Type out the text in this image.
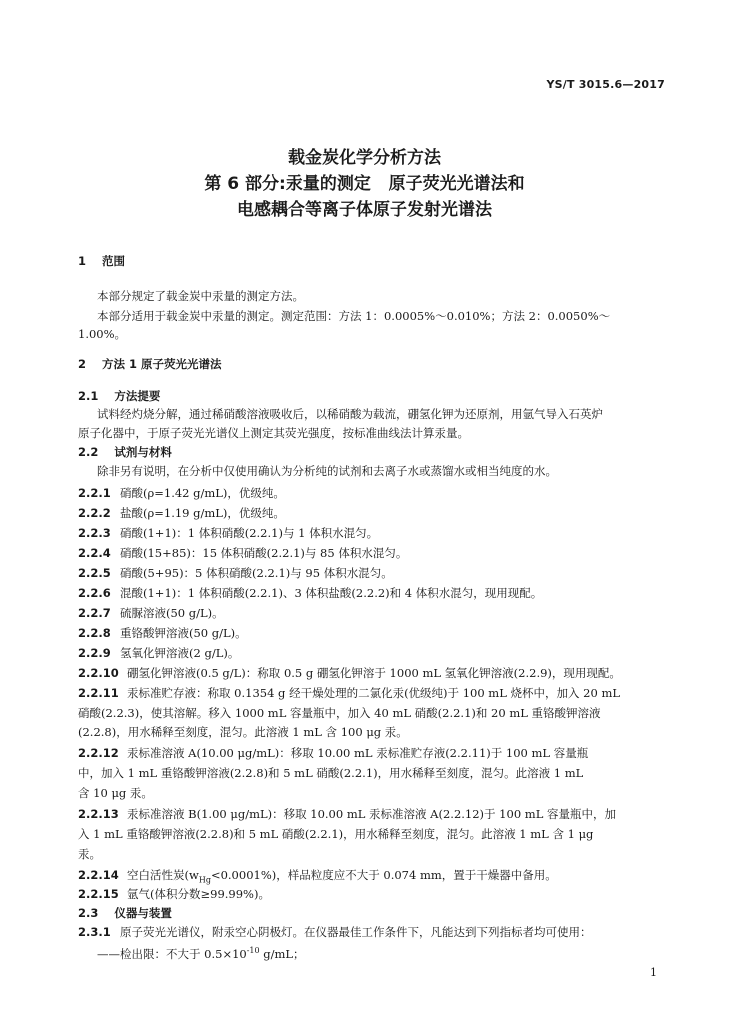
YS/T 3015.6—2017
载金炭化学分析方法
第 6 部分:汞量的测定   原子荧光光谱法和
电感耦合等离子体原子发射光谱法
1 范围
本部分规定了载金炭中汞量的测定方法。
本部分适用于载金炭中汞量的测定。测定范围：方法 1：0.0005%～0.010%；方法 2：0.0050%～
1.00%。
2 方法 1 原子荧光光谱法
2.1 方法提要
试料经灼烧分解，通过稀硝酸溶液吸收后，以稀硝酸为载流，硼氢化钾为还原剂，用氩气导入石英炉
原子化器中，于原子荧光光谱仪上测定其荧光强度，按标准曲线法计算汞量。
2.2 试剂与材料
除非另有说明，在分析中仅使用确认为分析纯的试剂和去离子水或蒸馏水或相当纯度的水。
2.2.1 硝酸(ρ=1.42 g/mL)，优级纯。
2.2.2 盐酸(ρ=1.19 g/mL)，优级纯。
2.2.3 硝酸(1+1)：1 体积硝酸(2.2.1)与 1 体积水混匀。
2.2.4 硝酸(15+85)：15 体积硝酸(2.2.1)与 85 体积水混匀。
2.2.5 硝酸(5+95)：5 体积硝酸(2.2.1)与 95 体积水混匀。
2.2.6 混酸(1+1)：1 体积硝酸(2.2.1)、3 体积盐酸(2.2.2)和 4 体积水混匀，现用现配。
2.2.7 硫脲溶液(50 g/L)。
2.2.8 重铬酸钾溶液(50 g/L)。
2.2.9 氢氧化钾溶液(2 g/L)。
2.2.10 硼氢化钾溶液(0.5 g/L)：称取 0.5 g 硼氢化钾溶于 1000 mL 氢氧化钾溶液(2.2.9)，现用现配。
2.2.11 汞标准贮存液：称取 0.1354 g 经干燥处理的二氯化汞(优级纯)于 100 mL 烧杯中，加入 20 mL
硝酸(2.2.3)，使其溶解。移入 1000 mL 容量瓶中，加入 40 mL 硝酸(2.2.1)和 20 mL 重铬酸钾溶液
(2.2.8)，用水稀释至刻度，混匀。此溶液 1 mL 含 100 μg 汞。
2.2.12 汞标准溶液 A(10.00 μg/mL)：移取 10.00 mL 汞标准贮存液(2.2.11)于 100 mL 容量瓶
中，加入 1 mL 重铬酸钾溶液(2.2.8)和 5 mL 硝酸(2.2.1)，用水稀释至刻度，混匀。此溶液 1 mL
含 10 μg 汞。
2.2.13 汞标准溶液 B(1.00 μg/mL)：移取 10.00 mL 汞标准溶液 A(2.2.12)于 100 mL 容量瓶中，加
入 1 mL 重铬酸钾溶液(2.2.8)和 5 mL 硝酸(2.2.1)，用水稀释至刻度，混匀。此溶液 1 mL 含 1 μg
汞。
2.2.14 空白活性炭$(w_{Hg}<0.0001\%)$，样品粒度应不大于 0.074 mm，置于干燥器中备用。
2.2.15 氩气(体积分数≥99.99%)。
2.3 仪器与装置
2.3.1 原子荧光光谱仪，附汞空心阴极灯。在仪器最佳工作条件下，凡能达到下列指标者均可使用：
——检出限：不大于 $0.5\times 10^{-10}$ g/mL；
1
